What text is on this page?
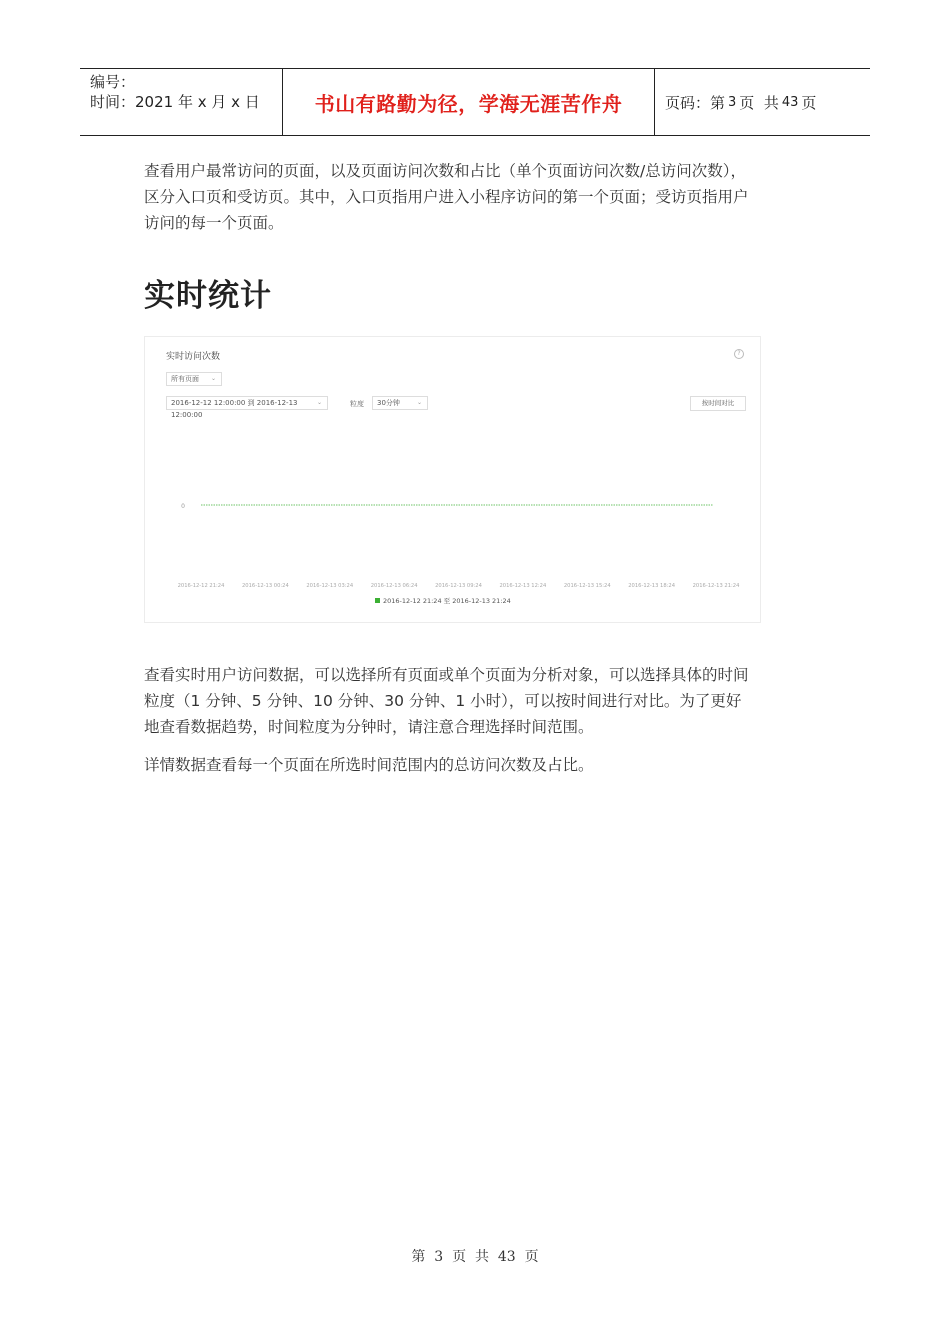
编号：
时间：2021 年 x 月 x 日	书山有路勤为径，学海无涯苦作舟	页码：第 3 页  共 43 页

查看用户最常访问的页面，以及页面访问次数和占比（单个页面访问次数/总访问次数），
区分入口页和受访页。其中，入口页指用户进入小程序访问的第一个页面；受访页指用户
访问的每一个页面。

实时统计
实时访问次数	?
所有页面 ⌄
2016-12-12 12:00:00 到 2016-12-13 12:00:00
⌄	粒度	30分钟	⌄	按时间对比
0
2016-12-12 21:24	2016-12-13 00:24	2016-12-13 03:24	2016-12-13 06:24	2016-12-13 09:24	2016-12-13 12:24	2016-12-13 15:24	2016-12-13 18:24	2016-12-13 21:24
2016-12-12 21:24 至 2016-12-13 21:24

查看实时用户访问数据，可以选择所有页面或单个页面为分析对象，可以选择具体的时间
粒度（1 分钟、5 分钟、10 分钟、30 分钟、1 小时），可以按时间进行对比。为了更好
地查看数据趋势，时间粒度为分钟时，请注意合理选择时间范围。

详情数据查看每一个页面在所选时间范围内的总访问次数及占比。

第  3  页  共  43  页
